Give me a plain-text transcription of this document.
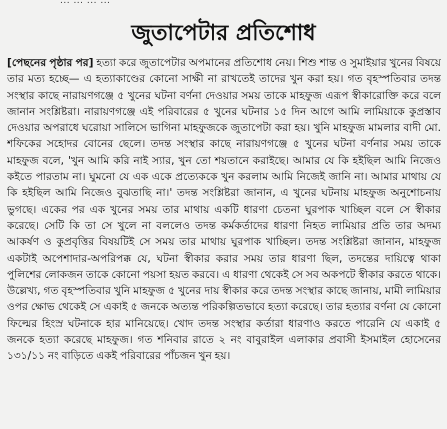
... ... ... ...
জুতাপেটার প্রতিশোধ
[পেছনের পৃষ্ঠার পর] হত্যা করে জুতাপেটার অপমানের প্রতিশোধ নেয়। শিশু শান্ত ও সুমাইয়ার খুনের বিষয়ে তার মত্য হচ্ছে— এ হত্যাকাণ্ডের কোনো সাক্ষী না রাখতেই তাদের খুন করা হয়। গত বৃহস্পতিবার তদন্ত সংস্থার কাছে নারায়ণগঞ্জে ৫ খুনের ঘটনা বর্ণনা দেওয়ার সময় তাকে মাহফুজ এরূপ স্বীকারোক্তি করে বলে জানান সংশ্লিষ্টরা। নারায়ণগঞ্জে এই পরিবারের ৫ খুনের ঘটনার ১৫ দিন আগে আমি লামিয়াকে কুপ্রস্তাব দেওয়ার অপরাধে ঘরোয়া সালিসে ভাগিনা মাহফুজকে জুতাপেটা করা হয়। খুনি মাহফুজ মামলার বাদী মো. শফিকের সহোদর বোনের ছেলে। তদন্ত সংস্থার কাছে নারায়ণগঞ্জে ৫ খুনের ঘটনা বর্ণনার সময় তাকে মাহফুজ বলে, 'খুন আমি করি নাই স্যার, খুন তো শয়তানে করাইছে। আমার যে কি হইছিল আমি নিজেও কইতে পারতাম না। ঘুমনো যে এক একে প্রত্যেককে খুন করলাম আমি নিজেই জানি না। আমার মাথায় যে কি হইছিল আমি নিজেও বুঝতাছি না।' তদন্ত সংশ্লিষ্টরা জানান, এ খুনের ঘটনায় মাহফুজ অনুশোচনায় ভুগছে। একের পর এক খুনের সময় তার মাথায় একটি ধারণা চেতনা ঘুরপাক খাচ্ছিল বলে সে স্বীকার করেছে। সেটি কি তা সে খুলে না বললেও তদন্ত কর্মকর্তাদের ধারণা নিহত লামিয়ার প্রতি তার অদম্য আকর্ষণ ও কুপ্রবৃত্তির বিষয়টিই সে সময় তার মাথায় ঘুরপাক খাচ্ছিল। তদন্ত সংশ্লিষ্টরা জানান, মাহফুজ একটাই অপেশাদার-অপরিপক্ক যে, ঘটনা স্বীকার করার সময় তার ধারণা ছিল, তদন্তের দায়িত্বে থাকা পুলিশের লোকজন তাকে কোনো পয়সা হয়ত করবে। এ ধারণা থেকেই সে সব অকপটে স্বীকার করতে থাকে। উল্লেখ্য, গত বৃহস্পতিবার খুনি মাহফুজ ৫ খুনের দায় স্বীকার করে তদন্ত সংস্থার কাছে জানায়, মামী লামিয়ার ওপর ক্ষোভ থেকেই সে একাই ৫ জনকে অত্যন্ত পরিকল্পিতভাবে হত্যা করেছে। তার হত্যার বর্ণনা যে কোনো ফিল্মের হিংস্র ঘটনাকে হার মানিয়েছে। খোদ তদন্ত সংস্থার কর্তারা ধারণাও করতে পারেনি যে একাই ৫ জনকে হত্যা করেছে মাহফুজ। গত শনিবার রাতে ২ নং বাবুরাইল এলাকার প্রবাসী ইসমাইল হোসেনের ১৩১/১১ নং বাড়িতে একই পরিবারের পাঁচজন খুন হয়।
